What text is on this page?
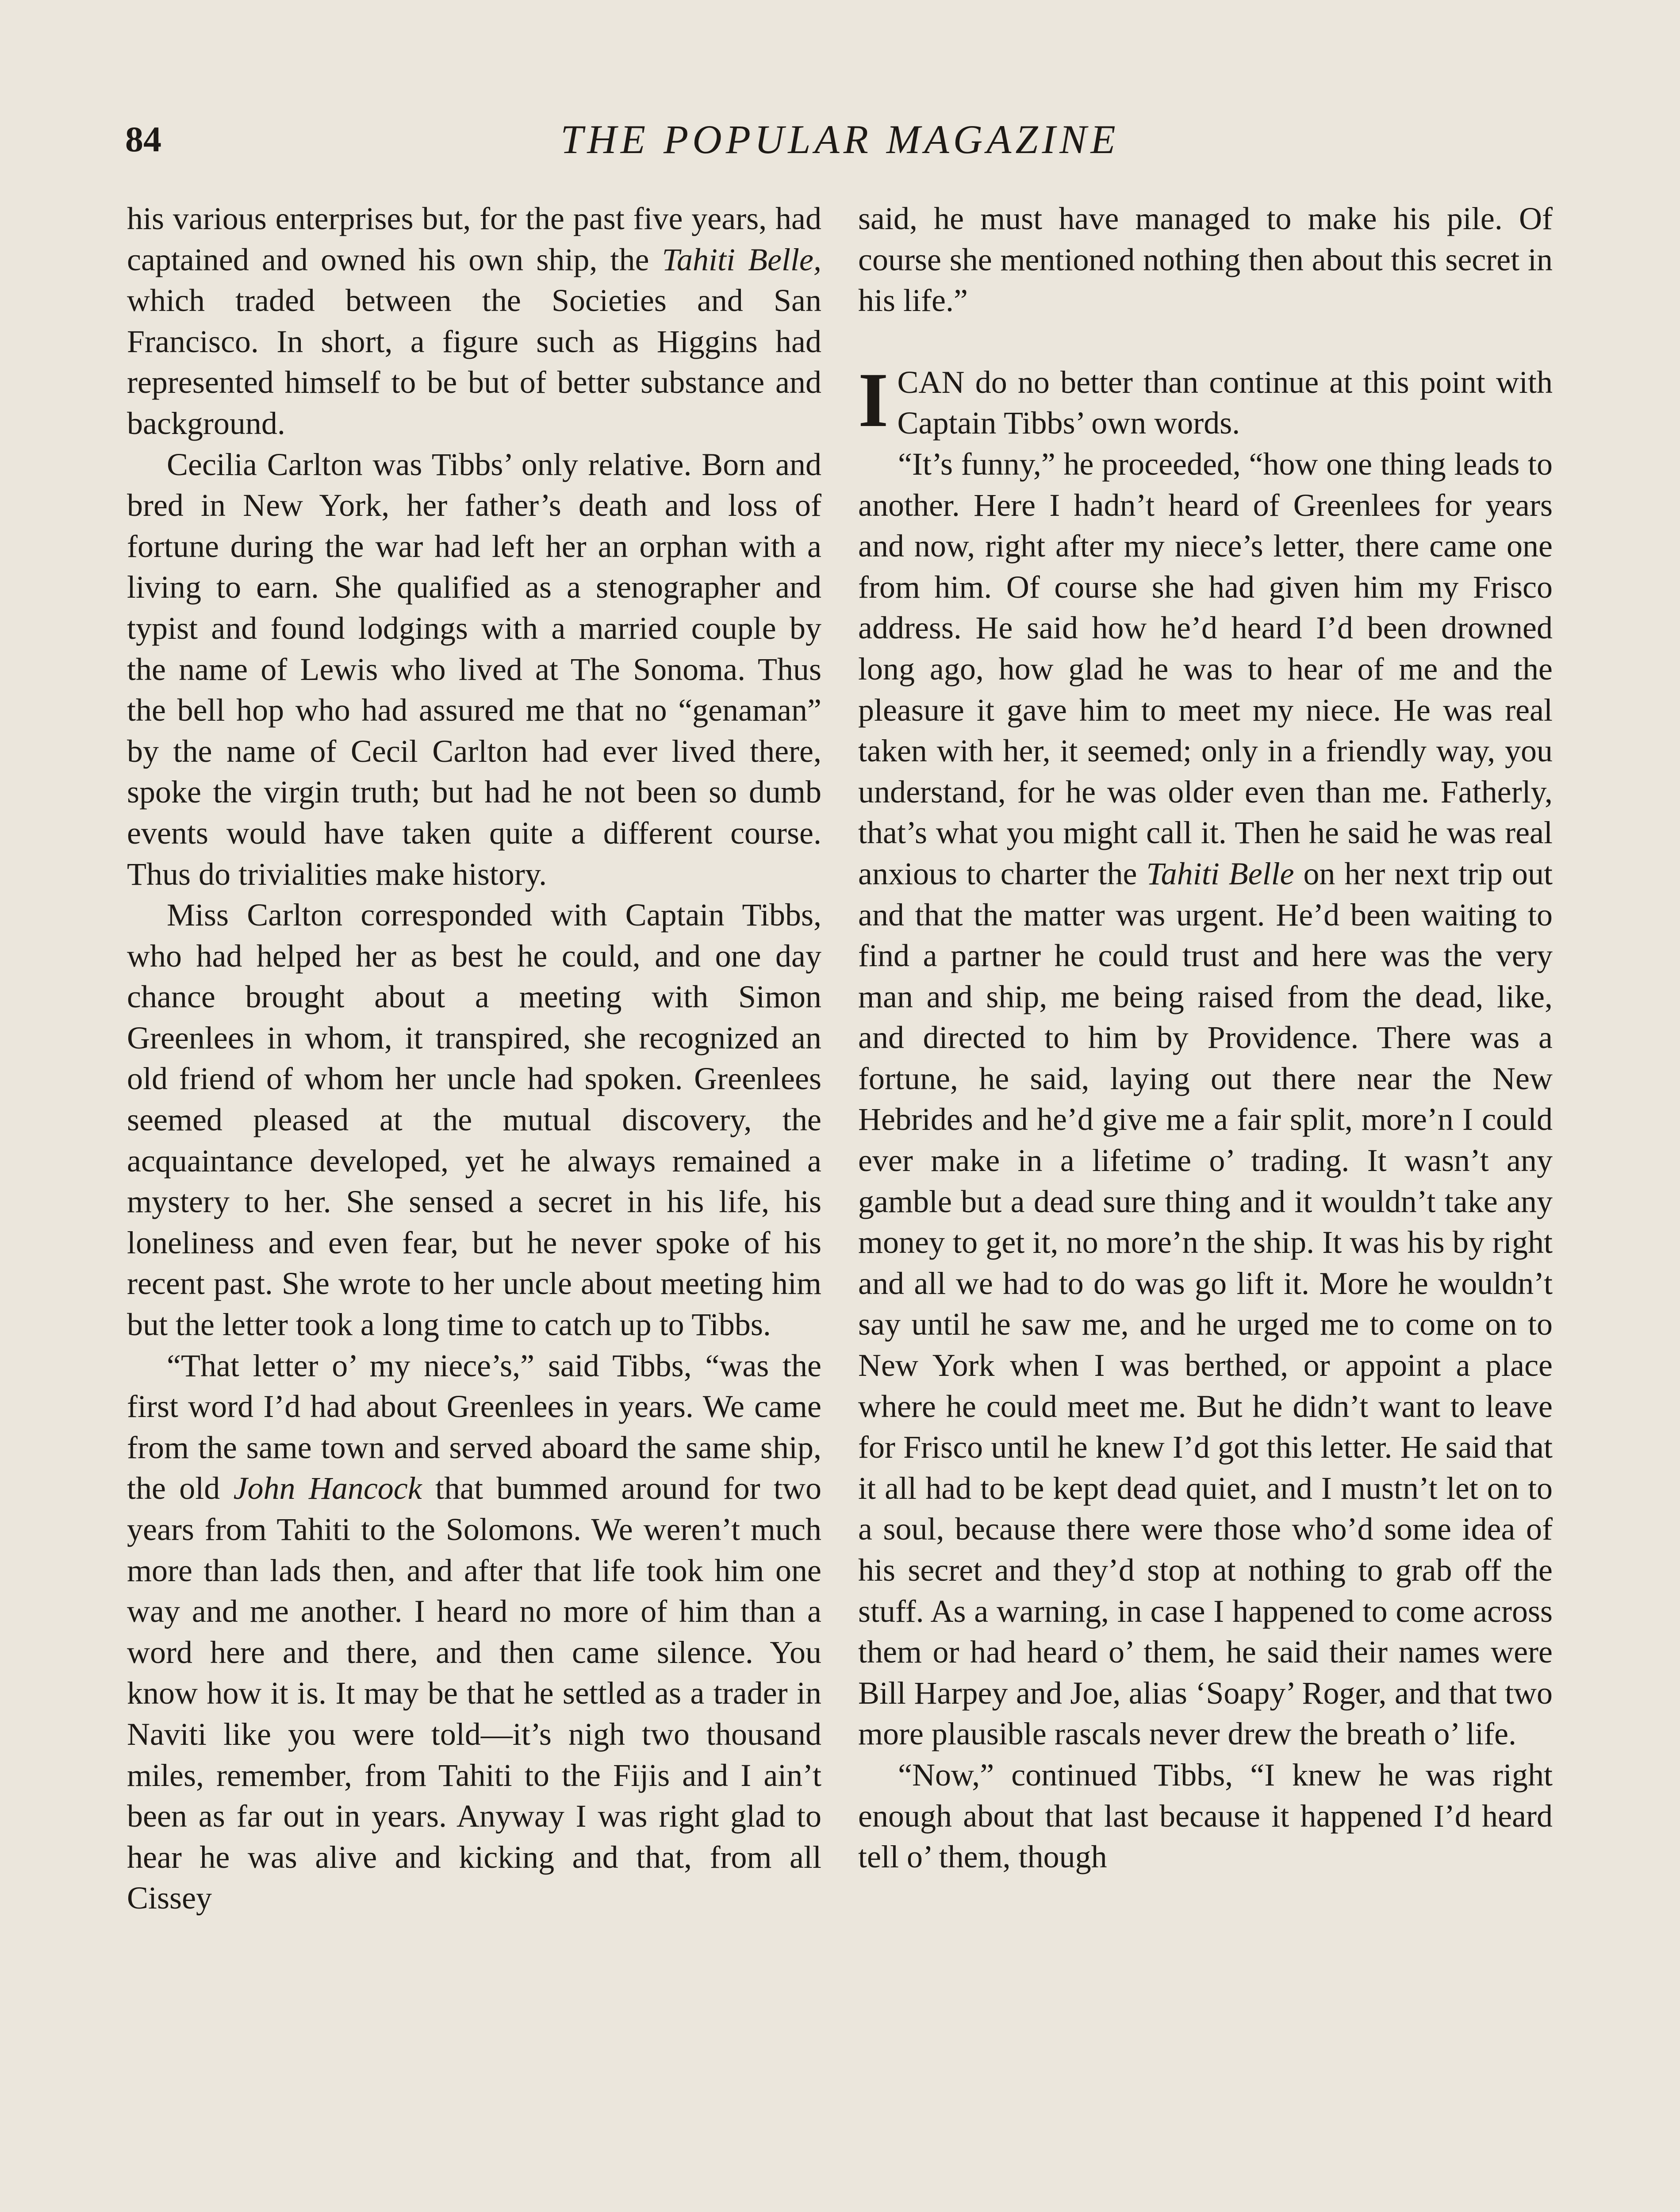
84	THE POPULAR MAGAZINE

his various enterprises but, for the past five years, had captained and owned his own ship, the Tahiti Belle, which traded between the Societies and San Francisco. In short, a figure such as Higgins had represented himself to be but of better substance and background.

Cecilia Carlton was Tibbs’ only relative. Born and bred in New York, her father’s death and loss of fortune during the war had left her an orphan with a living to earn. She qualified as a stenographer and typist and found lodgings with a married couple by the name of Lewis who lived at The Sonoma. Thus the bell hop who had assured me that no “genaman” by the name of Cecil Carlton had ever lived there, spoke the virgin truth; but had he not been so dumb events would have taken quite a different course. Thus do trivialities make history.

Miss Carlton corresponded with Captain Tibbs, who had helped her as best he could, and one day chance brought about a meeting with Simon Greenlees in whom, it transpired, she recognized an old friend of whom her uncle had spoken. Greenlees seemed pleased at the mutual discovery, the acquaintance developed, yet he always remained a mystery to her. She sensed a secret in his life, his loneliness and even fear, but he never spoke of his recent past. She wrote to her uncle about meeting him but the letter took a long time to catch up to Tibbs.

“That letter o’ my niece’s,” said Tibbs, “was the first word I’d had about Greenlees in years. We came from the same town and served aboard the same ship, the old John Hancock that bummed around for two years from Tahiti to the Solomons. We weren’t much more than lads then, and after that life took him one way and me another. I heard no more of him than a word here and there, and then came silence. You know how it is. It may be that he settled as a trader in Naviti like you were told—it’s nigh two thousand miles, remember, from Tahiti to the Fijis and I ain’t been as far out in years. Anyway I was right glad to hear he was alive and kicking and that, from all Cissey

said, he must have managed to make his pile. Of course she mentioned nothing then about this secret in his life.”

I CAN do no better than continue at this point with Captain Tibbs’ own words.

“It’s funny,” he proceeded, “how one thing leads to another. Here I hadn’t heard of Greenlees for years and now, right after my niece’s letter, there came one from him. Of course she had given him my Frisco address. He said how he’d heard I’d been drowned long ago, how glad he was to hear of me and the pleasure it gave him to meet my niece. He was real taken with her, it seemed; only in a friendly way, you understand, for he was older even than me. Fatherly, that’s what you might call it. Then he said he was real anxious to charter the Tahiti Belle on her next trip out and that the matter was urgent. He’d been waiting to find a partner he could trust and here was the very man and ship, me being raised from the dead, like, and directed to him by Providence. There was a fortune, he said, laying out there near the New Hebrides and he’d give me a fair split, more’n I could ever make in a lifetime o’ trading. It wasn’t any gamble but a dead sure thing and it wouldn’t take any money to get it, no more’n the ship. It was his by right and all we had to do was go lift it. More he wouldn’t say until he saw me, and he urged me to come on to New York when I was berthed, or appoint a place where he could meet me. But he didn’t want to leave for Frisco until he knew I’d got this letter. He said that it all had to be kept dead quiet, and I mustn’t let on to a soul, because there were those who’d some idea of his secret and they’d stop at nothing to grab off the stuff. As a warning, in case I happened to come across them or had heard o’ them, he said their names were Bill Harpey and Joe, alias ‘Soapy’ Roger, and that two more plausible rascals never drew the breath o’ life.

“Now,” continued Tibbs, “I knew he was right enough about that last because it happened I’d heard tell o’ them, though
